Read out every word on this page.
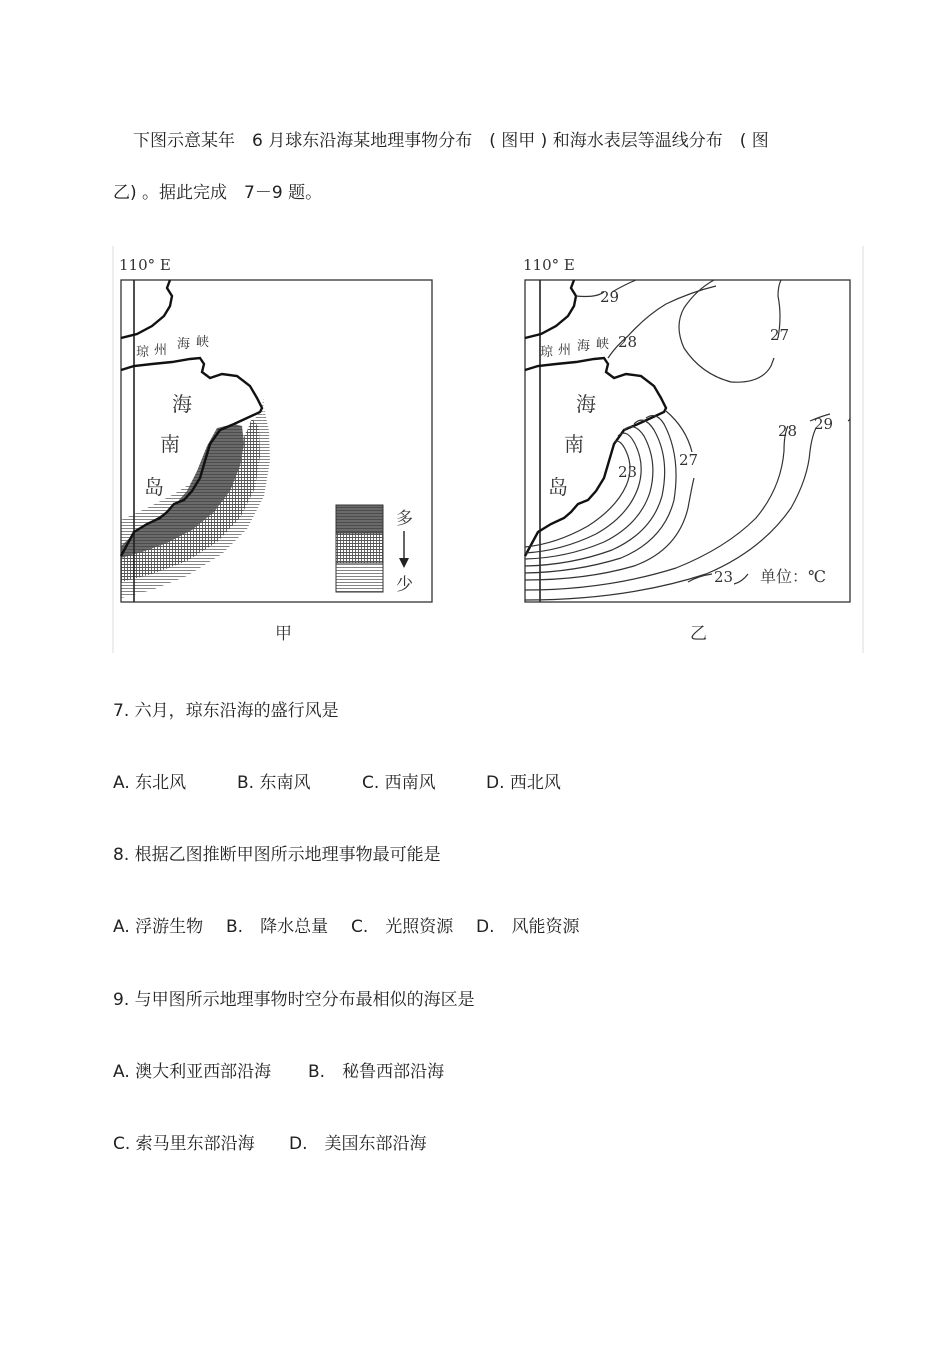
下图示意某年　6 月球东沿海某地理事物分布　( 图甲 ) 和海水表层等温线分布　( 图
乙) 。据此完成　7－9 题。
110° E
琼 州 海 峡
海
南
岛
多
少
甲
110° E
琼 州 海 峡
海
南
岛
29
28	27
28 29
27
23
23 单位：℃
乙
7. 六月，琼东沿海的盛行风是
A. 东北风	B. 东南风	C. 西南风	D. 西北风
8. 根据乙图推断甲图所示地理事物最可能是
A. 浮游生物 B.　降水总量 C.　光照资源 D.　风能资源
9. 与甲图所示地理事物时空分布最相似的海区是
A. 澳大利亚西部沿海 B.　秘鲁西部沿海
C. 索马里东部沿海 D.　美国东部沿海
